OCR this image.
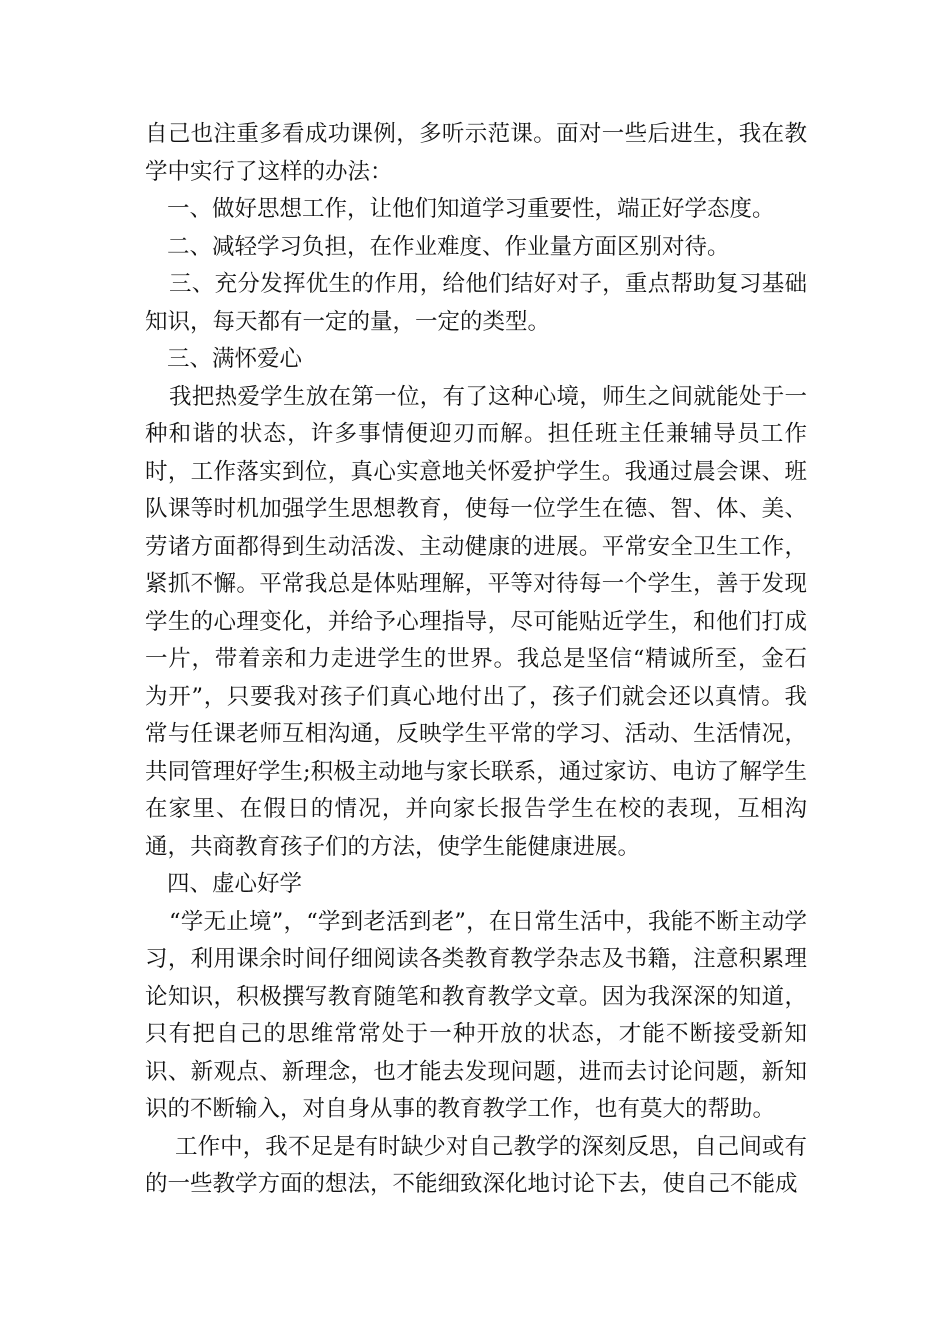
自己也注重多看成功课例，多听示范课。面对一些后进生，我在教学中实行了这样的办法：

一、做好思想工作，让他们知道学习重要性，端正好学态度。

二、减轻学习负担，在作业难度、作业量方面区别对待。

三、充分发挥优生的作用，给他们结好对子，重点帮助复习基础知识，每天都有一定的量，一定的类型。

三、满怀爱心

我把热爱学生放在第一位，有了这种心境，师生之间就能处于一种和谐的状态，许多事情便迎刃而解。担任班主任兼辅导员工作时，工作落实到位，真心实意地关怀爱护学生。我通过晨会课、班队课等时机加强学生思想教育，使每一位学生在德、智、体、美、劳诸方面都得到生动活泼、主动健康的进展。平常安全卫生工作，紧抓不懈。平常我总是体贴理解，平等对待每一个学生，善于发现学生的心理变化，并给予心理指导，尽可能贴近学生，和他们打成一片，带着亲和力走进学生的世界。我总是坚信“精诚所至，金石为开”，只要我对孩子们真心地付出了，孩子们就会还以真情。我常与任课老师互相沟通，反映学生平常的学习、活动、生活情况，共同管理好学生;积极主动地与家长联系，通过家访、电访了解学生在家里、在假日的情况，并向家长报告学生在校的表现，互相沟通，共商教育孩子们的方法，使学生能健康进展。

四、虚心好学

“学无止境”，“学到老活到老”，在日常生活中，我能不断主动学习，利用课余时间仔细阅读各类教育教学杂志及书籍，注意积累理论知识，积极撰写教育随笔和教育教学文章。因为我深深的知道，只有把自己的思维常常处于一种开放的状态，才能不断接受新知识、新观点、新理念，也才能去发现问题，进而去讨论问题，新知识的不断输入，对自身从事的教育教学工作，也有莫大的帮助。

工作中，我不足是有时缺少对自己教学的深刻反思，自己间或有的一些教学方面的想法，不能细致深化地讨论下去，使自己不能成
